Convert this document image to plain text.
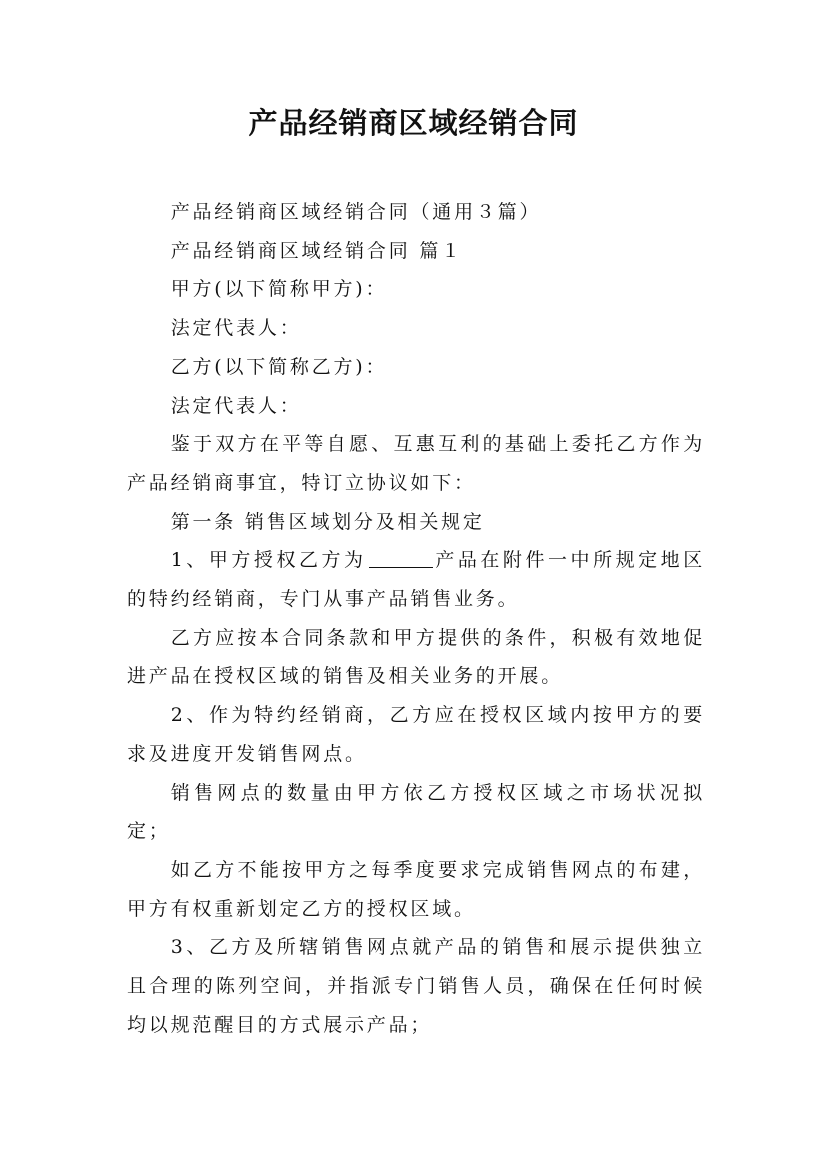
产品经销商区域经销合同

产品经销商区域经销合同（通用３篇）

产品经销商区域经销合同 篇１

甲方(以下简称甲方)：

法定代表人：

乙方(以下简称乙方)：

法定代表人：

鉴于双方在平等自愿、互惠互利的基础上委托乙方作为产品经销商事宜，特订立协议如下：

第一条 销售区域划分及相关规定

1、甲方授权乙方为	产品在附件一中所规定地区的特约经销商，专门从事产品销售业务。

乙方应按本合同条款和甲方提供的条件，积极有效地促进产品在授权区域的销售及相关业务的开展。

2、作为特约经销商，乙方应在授权区域内按甲方的要求及进度开发销售网点。

销售网点的数量由甲方依乙方授权区域之市场状况拟定；

如乙方不能按甲方之每季度要求完成销售网点的布建，甲方有权重新划定乙方的授权区域。

3、乙方及所辖销售网点就产品的销售和展示提供独立且合理的陈列空间，并指派专门销售人员，确保在任何时候均以规范醒目的方式展示产品；
